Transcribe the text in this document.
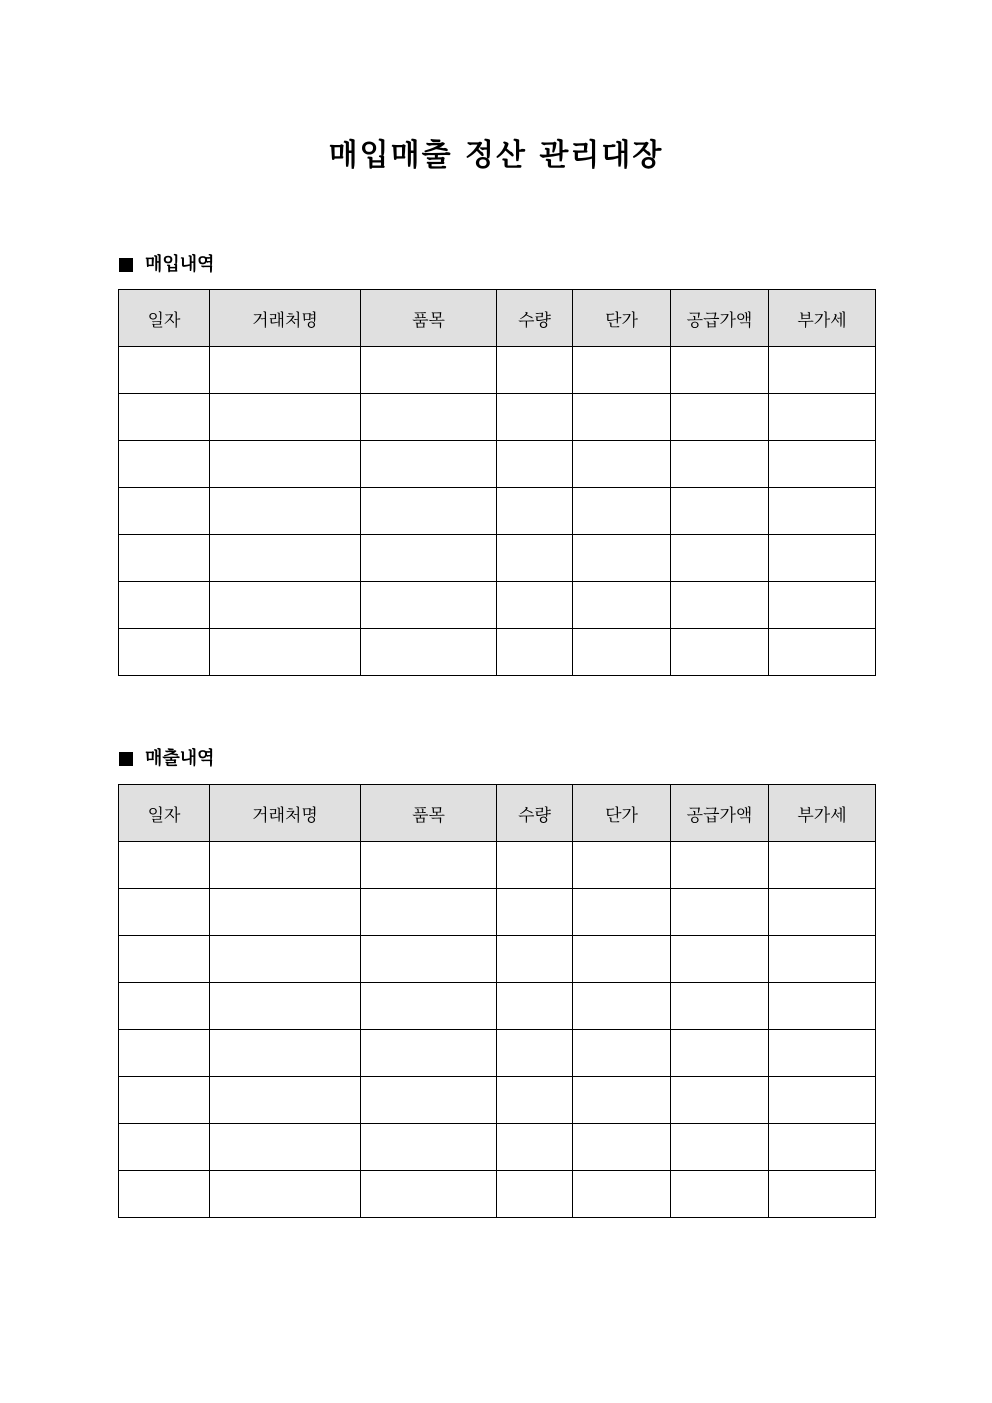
매입매출 정산 관리대장
매입내역
일자	거래처명	품목	수량	단가	공급가액	부가세

매출내역
일자	거래처명	품목	수량	단가	공급가액	부가세
